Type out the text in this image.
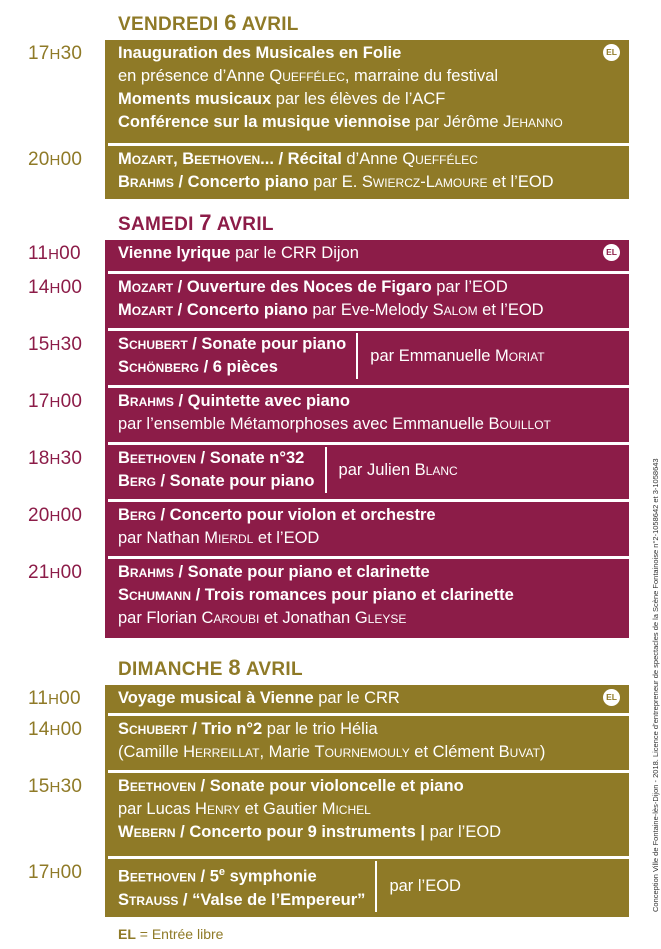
VENDREDI 6 AVRIL
17H30	Inauguration des Musicales en Folie
en présence d’Anne Queffélec, marraine du festival
Moments musicaux par les élèves de l’ACF
Conférence sur la musique viennoise par Jérôme Jehanno
EL
20H00	Mozart, Beethoven... / Récital d’Anne Queffélec
Brahms / Concerto piano par E. Swiercz-Lamoure et l’EOD
SAMEDI 7 AVRIL
11H00	Vienne lyrique par le CRR Dijon	EL
14H00	Mozart / Ouverture des Noces de Figaro par l’EOD
Mozart / Concerto piano par Eve-Melody Salom et l’EOD
15H30	Schubert / Sonate pour piano
Schönberg / 6 pièces
par Emmanuelle Moriat
17H00	Brahms / Quintette avec piano
par l’ensemble Métamorphoses avec Emmanuelle Bouillot
18H30	Beethoven / Sonate n°32
Berg / Sonate pour piano
par Julien Blanc
20H00	Berg / Concerto pour violon et orchestre
par Nathan Mierdl et l’EOD
21H00	Brahms / Sonate pour piano et clarinette
Schumann / Trois romances pour piano et clarinette
par Florian Caroubi et Jonathan Gleyse
DIMANCHE 8 AVRIL
11H00	Voyage musical à Vienne par le CRR	EL
14H00	Schubert / Trio n°2 par le trio Hélia
(Camille Herreillat, Marie Tournemouly et Clément Buvat)
15H30	Beethoven / Sonate pour violoncelle et piano
par Lucas Henry et Gautier Michel
Webern / Concerto pour 9 instruments | par l’EOD
17H00	Beethoven / 5e symphonie
Strauss / “Valse de l’Empereur”
par l’EOD
EL = Entrée libre
Conception Ville de Fontaine-lès-Dijon - 2018. Licence d’entrepreneur de spectacles de la Scène Fontainoise n°2-1058642 et 3-1058643
